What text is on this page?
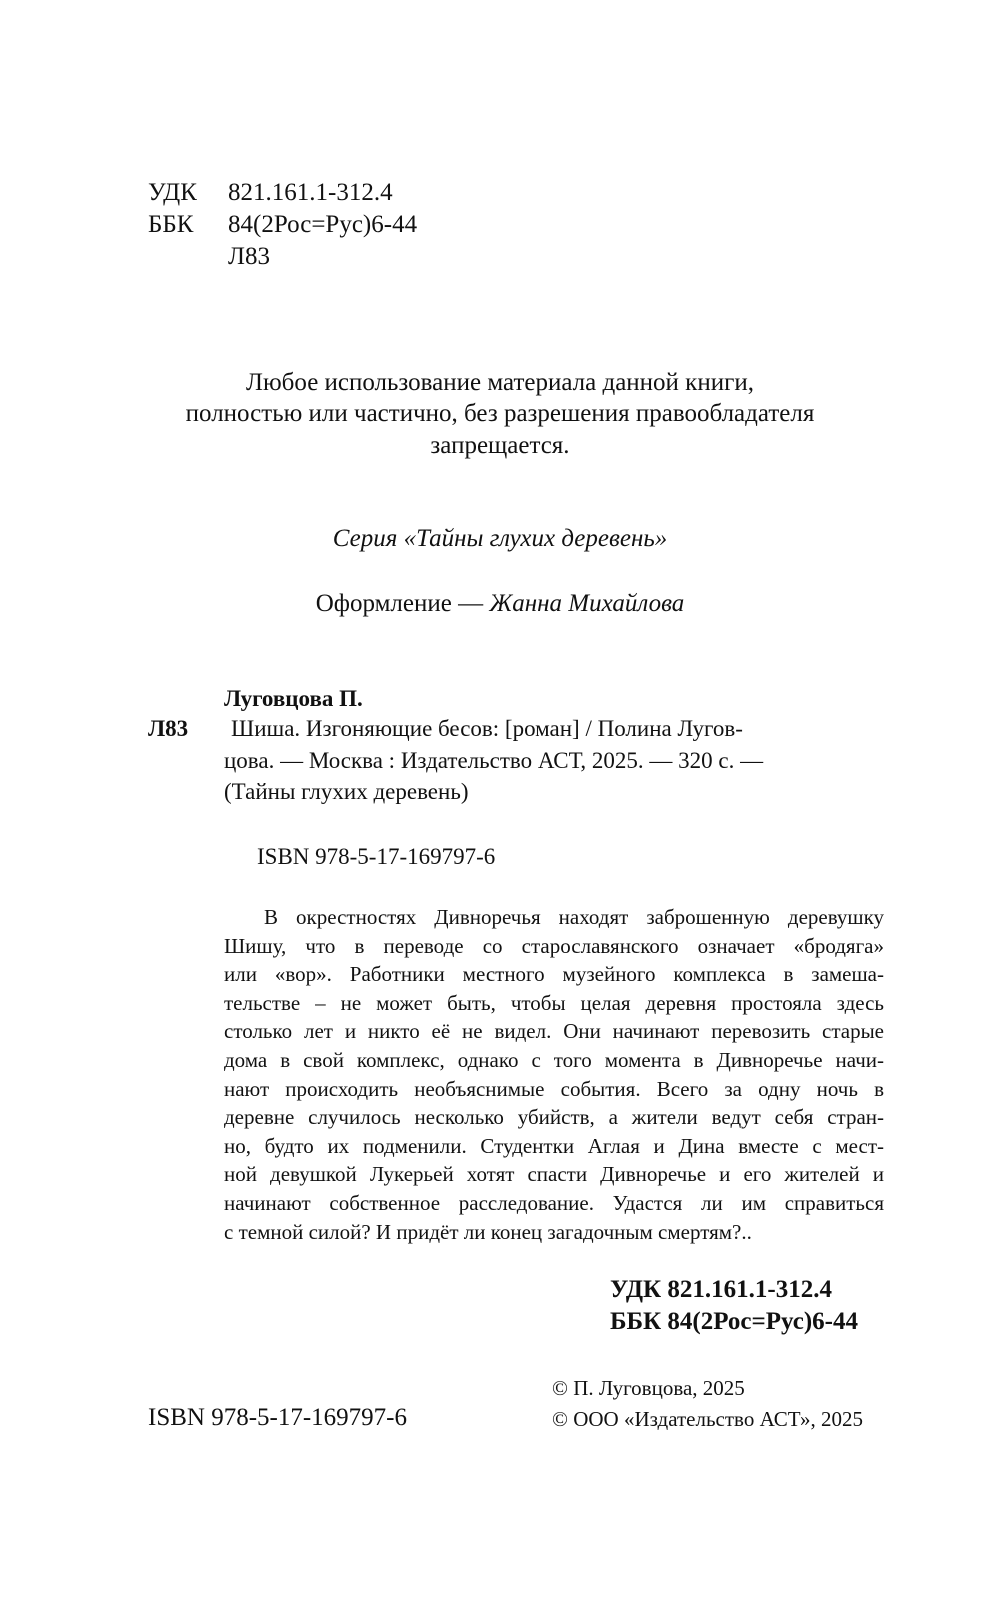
УДК 821.161.1-312.4
ББК 84(2Рос=Рус)6-44
Л83
Любое использование материала данной книги,
полностью или частично, без разрешения правообладателя
запрещается.
Серия «Тайны глухих деревень»
Оформление — Жанна Михайлова
Луговцова П.
Л83 Шиша. Изгоняющие бесов: [роман] / Полина Лугов-
цова. — Москва : Издательство АСТ, 2025. — 320 с. —
(Тайны глухих деревень)
ISBN 978-5-17-169797-6
В окрестностях Дивноречья находят заброшенную деревушку
Шишу, что в переводе со старославянского означает «бродяга»
или «вор». Работники местного музейного комплекса в замеша-
тельстве – не может быть, чтобы целая деревня простояла здесь
столько лет и никто её не видел. Они начинают перевозить старые
дома в свой комплекс, однако с того момента в Дивноречье начи-
нают происходить необъяснимые события. Всего за одну ночь в
деревне случилось несколько убийств, а жители ведут себя стран-
но, будто их подменили. Студентки Аглая и Дина вместе с мест-
ной девушкой Лукерьей хотят спасти Дивноречье и его жителей и
начинают собственное расследование. Удастся ли им справиться
с темной силой? И придёт ли конец загадочным смертям?..
УДК 821.161.1-312.4
ББК 84(2Рос=Рус)6-44
© П. Луговцова, 2025
© ООО «Издательство АСТ», 2025
ISBN 978-5-17-169797-6
